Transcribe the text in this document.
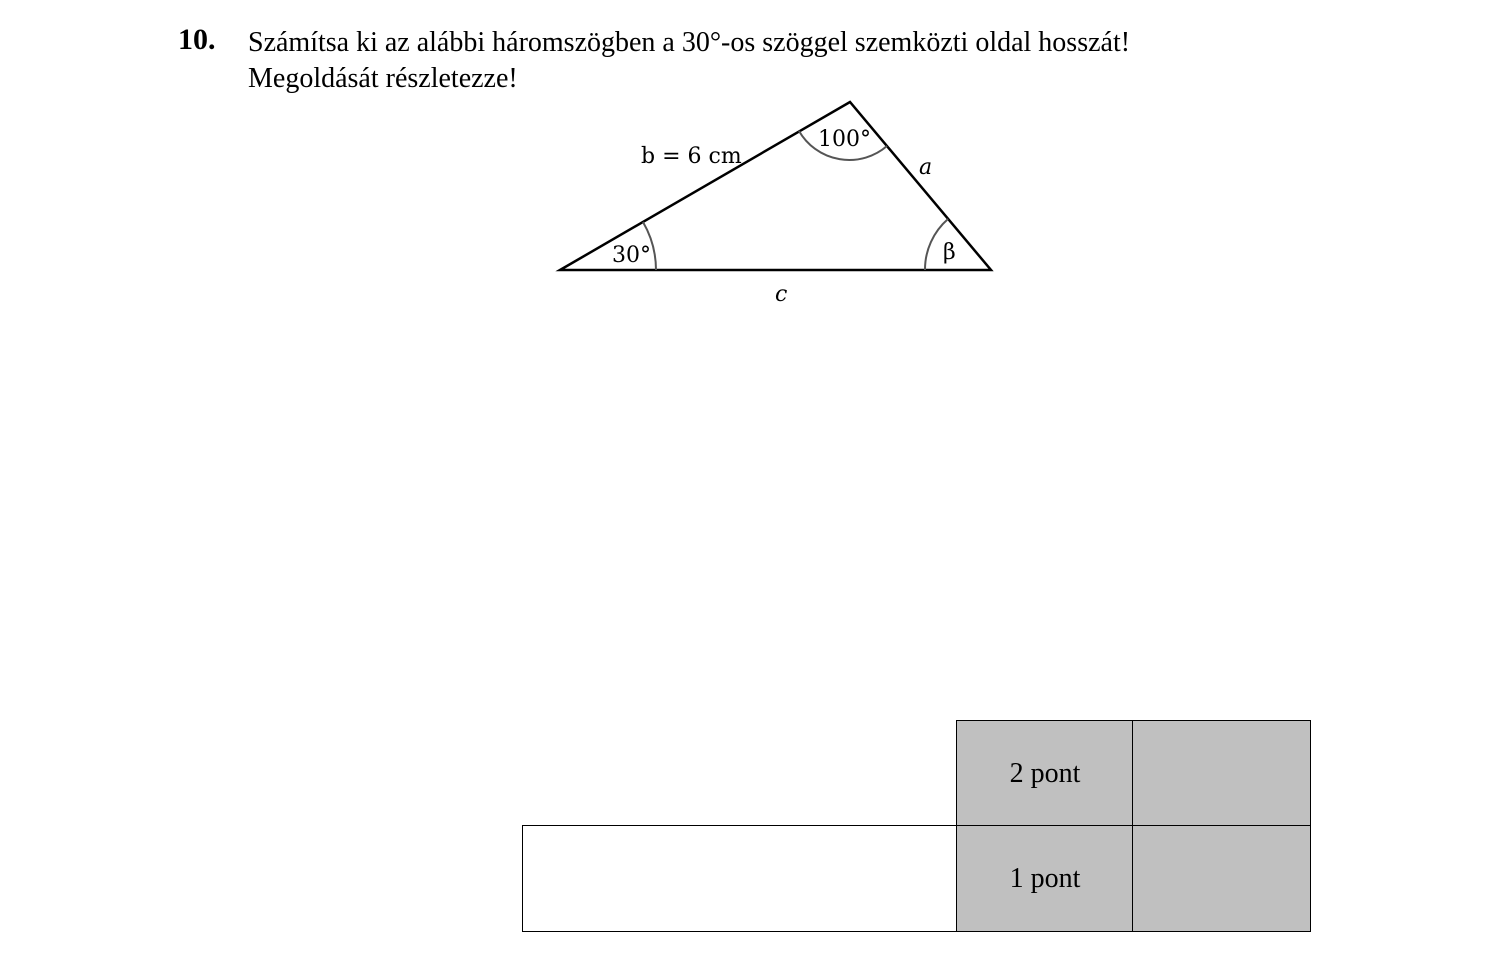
10. Számítsa ki az alábbi háromszögben a 30°-os szöggel szemközti oldal hosszát!
Megoldását részletezze!
b = 6 cm	a
c
30°
100°
β
2 pont
1 pont
